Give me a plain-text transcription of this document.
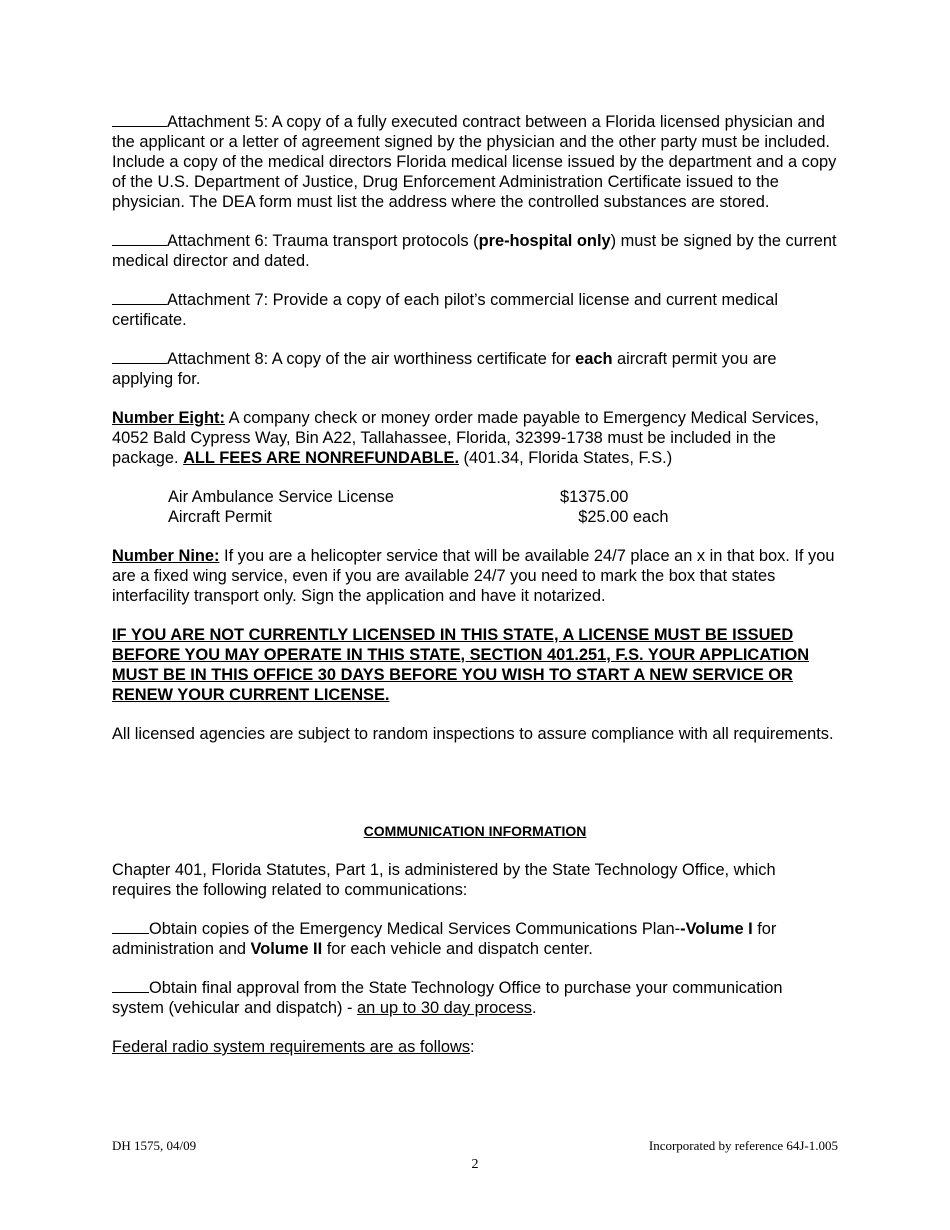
Attachment 5: A copy of a fully executed contract between a Florida licensed physician and the applicant or a letter of agreement signed by the physician and the other party must be included. Include a copy of the medical directors Florida medical license issued by the department and a copy of the U.S. Department of Justice, Drug Enforcement Administration Certificate issued to the physician. The DEA form must list the address where the controlled substances are stored.

Attachment 6: Trauma transport protocols (pre-hospital only) must be signed by the current medical director and dated.

Attachment 7: Provide a copy of each pilot’s commercial license and current medical certificate.

Attachment 8: A copy of the air worthiness certificate for each aircraft permit you are applying for.

Number Eight: A company check or money order made payable to Emergency Medical Services, 4052 Bald Cypress Way, Bin A22, Tallahassee, Florida, 32399-1738 must be included in the package. ALL FEES ARE NONREFUNDABLE. (401.34, Florida States, F.S.)

Air Ambulance Service License	$1375.00
Aircraft Permit	$25.00 each

Number Nine: If you are a helicopter service that will be available 24/7 place an x in that box. If you are a fixed wing service, even if you are available 24/7 you need to mark the box that states interfacility transport only. Sign the application and have it notarized.

IF YOU ARE NOT CURRENTLY LICENSED IN THIS STATE, A LICENSE MUST BE ISSUED BEFORE YOU MAY OPERATE IN THIS STATE, SECTION 401.251, F.S. YOUR APPLICATION MUST BE IN THIS OFFICE 30 DAYS BEFORE YOU WISH TO START A NEW SERVICE OR RENEW YOUR CURRENT LICENSE.

All licensed agencies are subject to random inspections to assure compliance with all requirements.

COMMUNICATION INFORMATION

Chapter 401, Florida Statutes, Part 1, is administered by the State Technology Office, which requires the following related to communications:

Obtain copies of the Emergency Medical Services Communications Plan--Volume I for administration and Volume II for each vehicle and dispatch center.

Obtain final approval from the State Technology Office to purchase your communication system (vehicular and dispatch) - an up to 30 day process.

Federal radio system requirements are as follows:

DH 1575, 04/09	Incorporated by reference 64J-1.005
2
